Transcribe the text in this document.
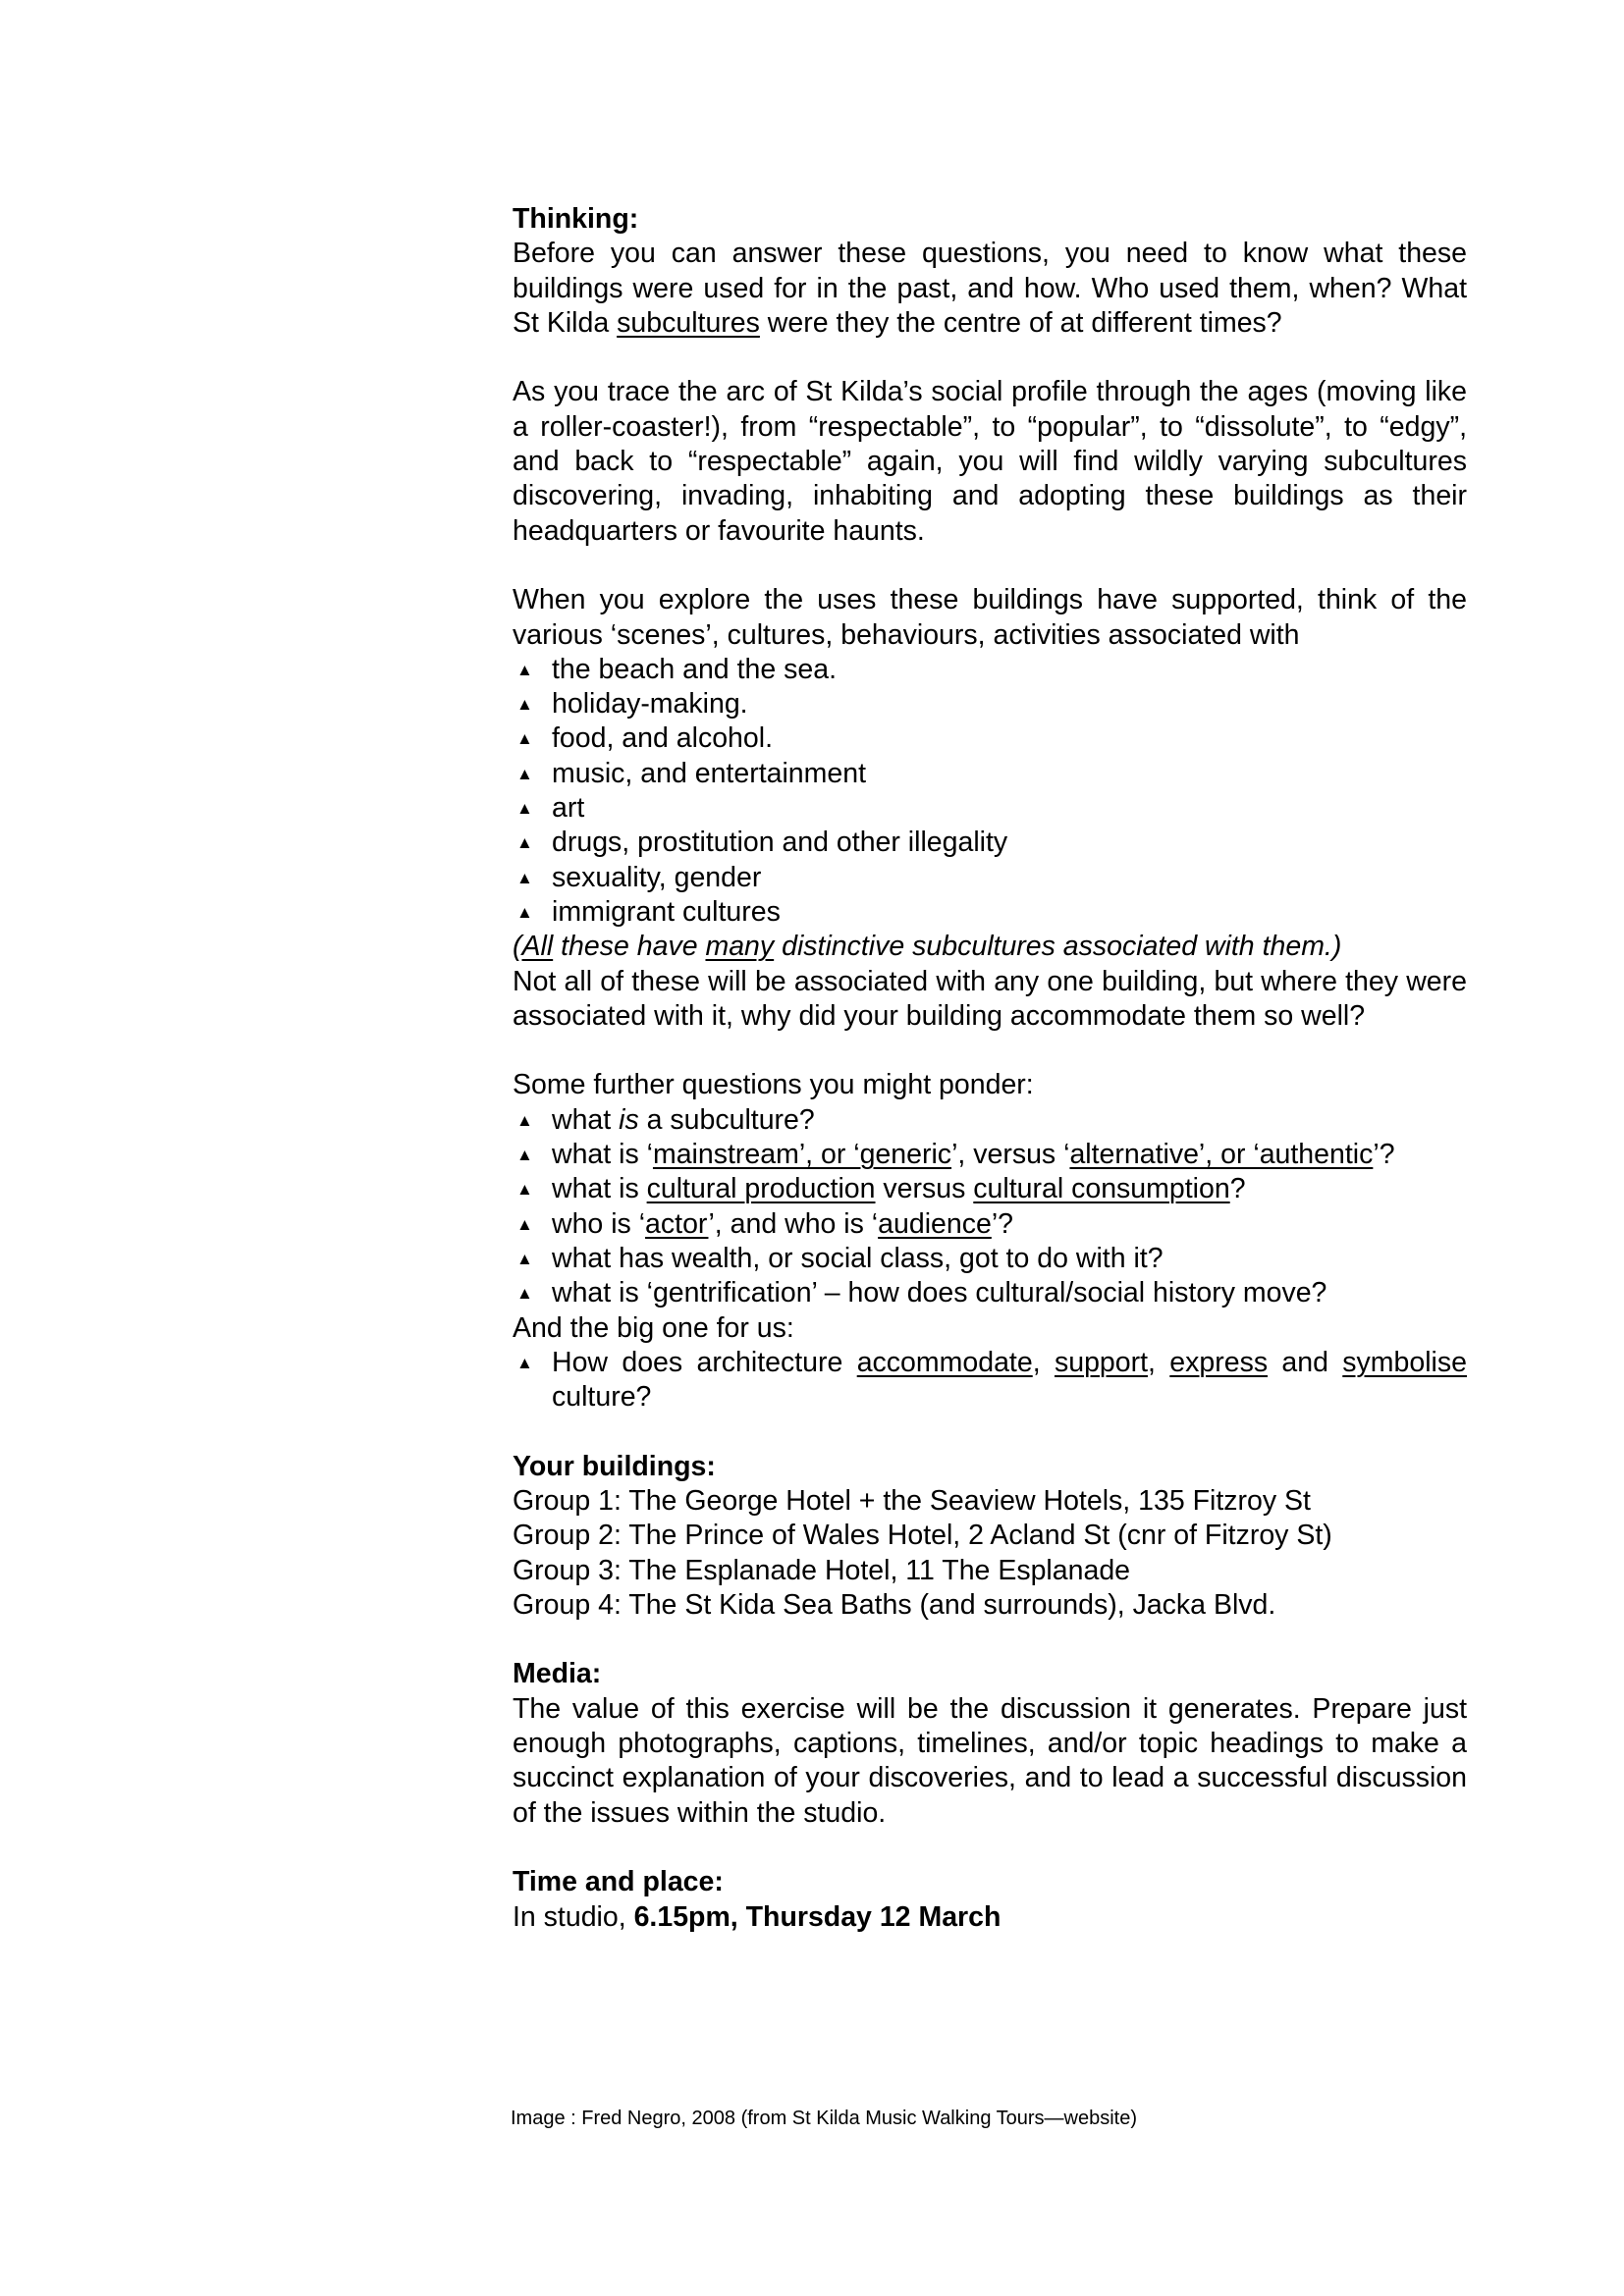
Thinking:
Before you can answer these questions, you need to know what these buildings were used for in the past, and how. Who used them, when? What St Kilda subcultures were they the centre of at different times?
As you trace the arc of St Kilda’s social profile through the ages (moving like a roller-coaster!), from “respectable”, to “popular”, to “dissolute”, to “edgy”, and back to “respectable” again, you will find wildly varying subcultures discovering, invading, inhabiting and adopting these buildings as their headquarters or favourite haunts.
When you explore the uses these buildings have supported, think of the various ‘scenes’, cultures, behaviours, activities associated with
▲ the beach and the sea.
▲ holiday-making.
▲ food, and alcohol.
▲ music, and entertainment
▲ art
▲ drugs, prostitution and other illegality
▲ sexuality, gender
▲ immigrant cultures
(All these have many distinctive subcultures associated with them.)
Not all of these will be associated with any one building, but where they were associated with it, why did your building accommodate them so well?
Some further questions you might ponder:
▲ what is a subculture?
▲ what is ‘mainstream’, or ‘generic’, versus ‘alternative’, or ‘authentic’?
▲ what is cultural production versus cultural consumption?
▲ who is ‘actor’, and who is ‘audience’?
▲ what has wealth, or social class, got to do with it?
▲ what is ‘gentrification’ – how does cultural/social history move?
And the big one for us:
▲ How does architecture accommodate, support, express and symbolise culture?
Your buildings:
Group 1: The George Hotel + the Seaview Hotels, 135 Fitzroy St
Group 2: The Prince of Wales Hotel, 2 Acland St (cnr of Fitzroy St)
Group 3: The Esplanade Hotel, 11 The Esplanade
Group 4: The St Kida Sea Baths (and surrounds), Jacka Blvd.
Media:
The value of this exercise will be the discussion it generates. Prepare just enough photographs, captions, timelines, and/or topic headings to make a succinct explanation of your discoveries, and to lead a successful discussion of the issues within the studio.
Time and place:
In studio, 6.15pm, Thursday 12 March
Image : Fred Negro, 2008 (from St Kilda Music Walking Tours—website)
